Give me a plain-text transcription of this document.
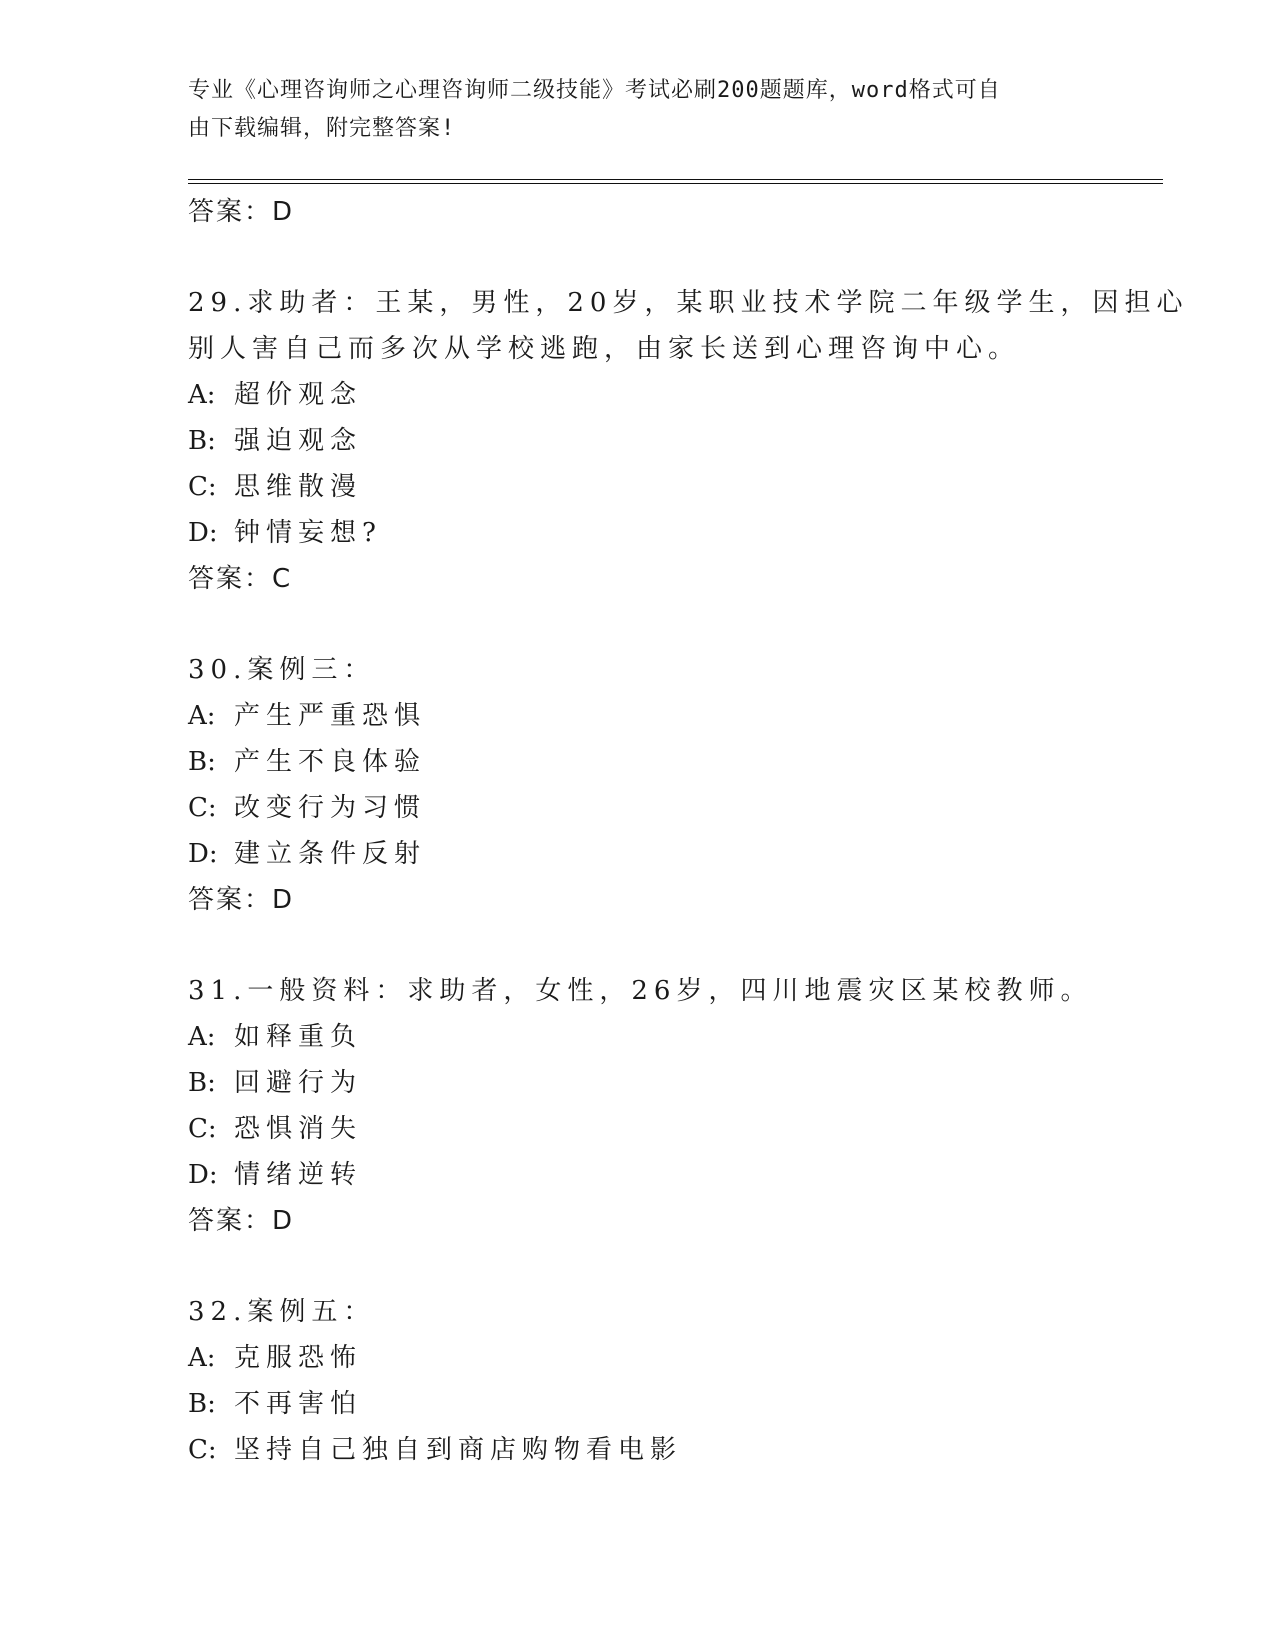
专业《心理咨询师之心理咨询师二级技能》考试必刷200题题库，word格式可自
由下载编辑，附完整答案!
答案：D
29.求助者：王某，男性，20岁，某职业技术学院二年级学生，因担心
别人害自己而多次从学校逃跑，由家长送到心理咨询中心。
A: 超价观念
B: 强迫观念
C: 思维散漫
D: 钟情妄想?
答案：C
30.案例三：
A: 产生严重恐惧
B: 产生不良体验
C: 改变行为习惯
D: 建立条件反射
答案：D
31.一般资料：求助者，女性，26岁，四川地震灾区某校教师。
A: 如释重负
B: 回避行为
C: 恐惧消失
D: 情绪逆转
答案：D
32.案例五：
A: 克服恐怖
B: 不再害怕
C: 坚持自己独自到商店购物看电影
